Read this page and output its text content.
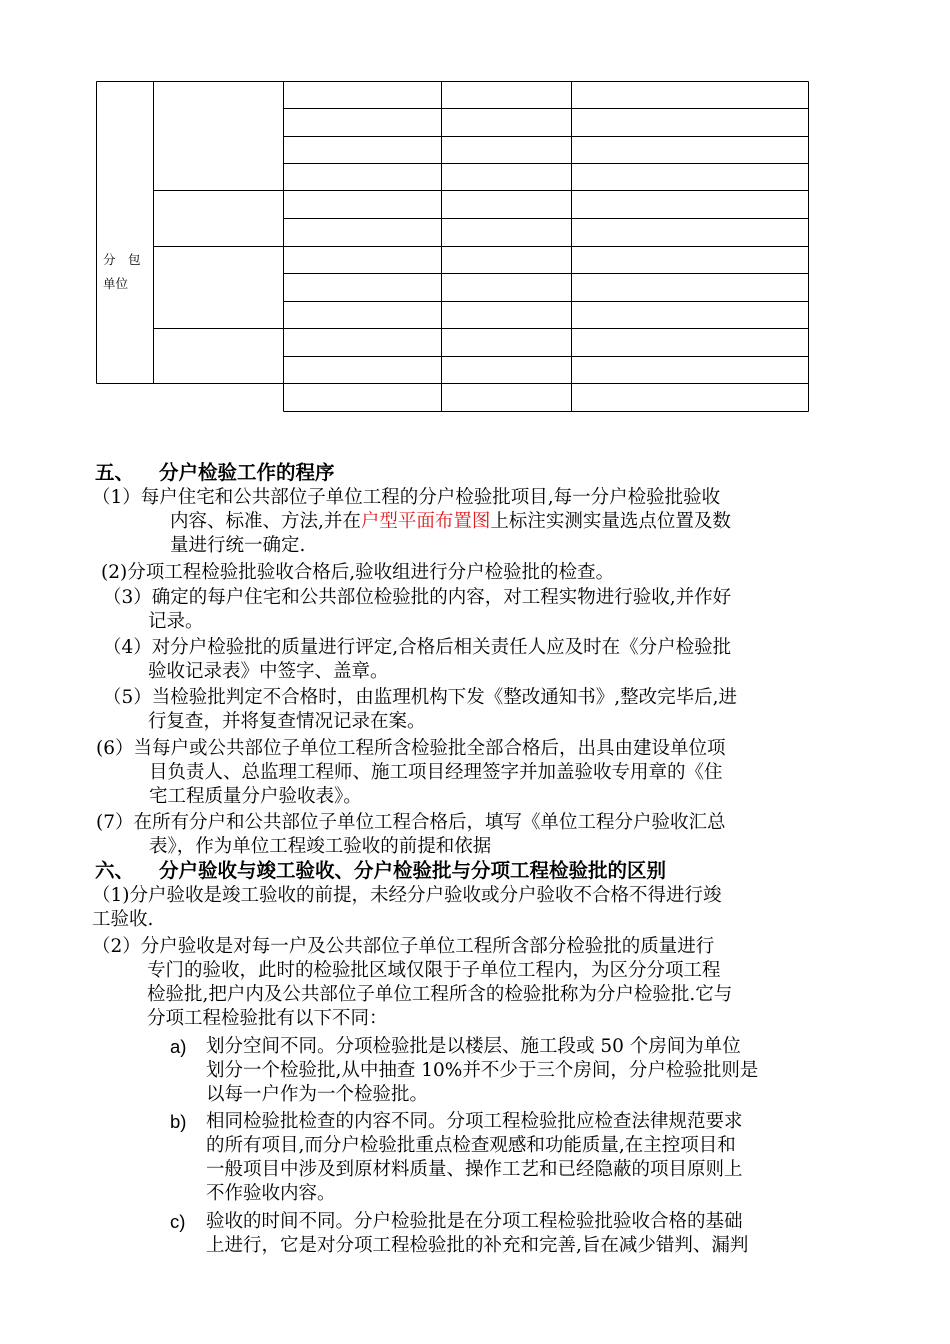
分　包
单位
五、 分户检验工作的程序
（1）每户住宅和公共部位子单位工程的分户检验批项目,每一分户检验批验收
内容、标准、方法,并在户型平面布置图上标注实测实量选点位置及数
量进行统一确定.
(2)分项工程检验批验收合格后,验收组进行分户检验批的检查。
（3）确定的每户住宅和公共部位检验批的内容，对工程实物进行验收,并作好
记录。
（4）对分户检验批的质量进行评定,合格后相关责任人应及时在《分户检验批
验收记录表》中签字、盖章。
（5）当检验批判定不合格时，由监理机构下发《整改通知书》,整改完毕后,进
行复查，并将复查情况记录在案。
(6）当每户或公共部位子单位工程所含检验批全部合格后，出具由建设单位项
目负责人、总监理工程师、施工项目经理签字并加盖验收专用章的《住
宅工程质量分户验收表》。
(7）在所有分户和公共部位子单位工程合格后，填写《单位工程分户验收汇总
表》，作为单位工程竣工验收的前提和依据
六、 分户验收与竣工验收、分户检验批与分项工程检验批的区别
（1)分户验收是竣工验收的前提，未经分户验收或分户验收不合格不得进行竣
工验收.
（2）分户验收是对每一户及公共部位子单位工程所含部分检验批的质量进行
专门的验收，此时的检验批区域仅限于子单位工程内，为区分分项工程
检验批,把户内及公共部位子单位工程所含的检验批称为分户检验批.它与
分项工程检验批有以下不同：
a) 划分空间不同。分项检验批是以楼层、施工段或 50 个房间为单位
划分一个检验批,从中抽查 10%并不少于三个房间，分户检验批则是
以每一户作为一个检验批。
b) 相同检验批检查的内容不同。分项工程检验批应检查法律规范要求
的所有项目,而分户检验批重点检查观感和功能质量,在主控项目和
一般项目中涉及到原材料质量、操作工艺和已经隐蔽的项目原则上
不作验收内容。
c) 验收的时间不同。分户检验批是在分项工程检验批验收合格的基础
上进行，它是对分项工程检验批的补充和完善,旨在减少错判、漏判
